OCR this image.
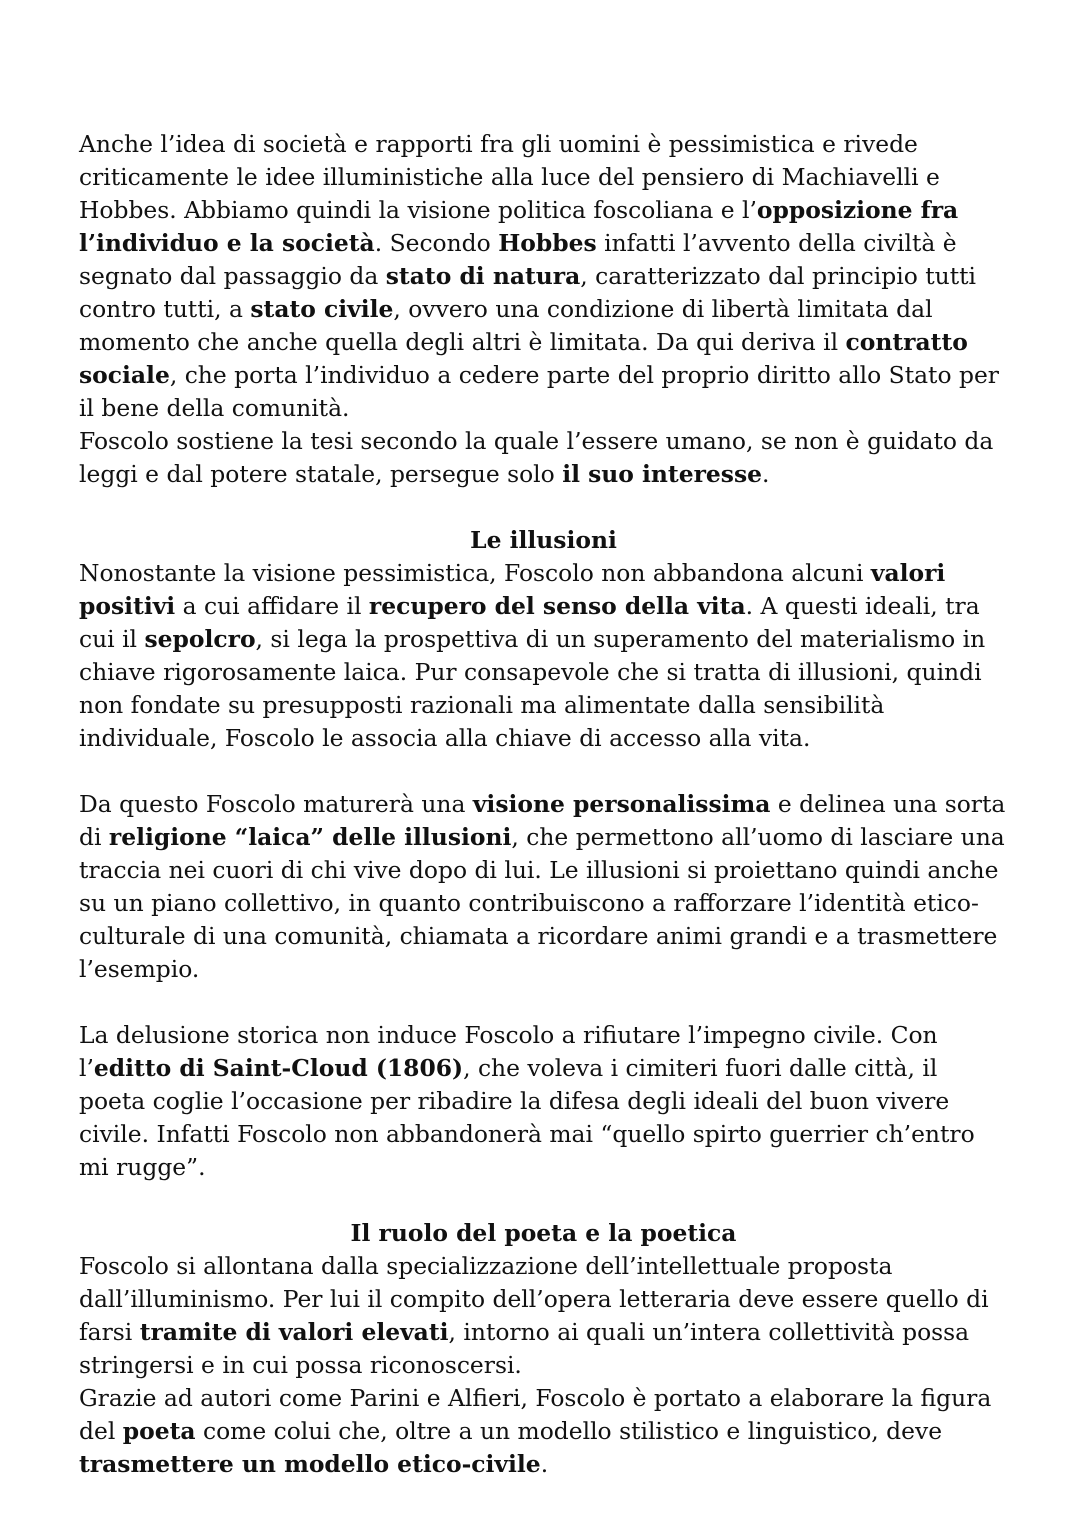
Anche l’idea di società e rapporti fra gli uomini è pessimistica e rivede criticamente le idee illuministiche alla luce del pensiero di Machiavelli e Hobbes. Abbiamo quindi la visione politica foscoliana e l’opposizione fra l’individuo e la società. Secondo Hobbes infatti l’avvento della civiltà è segnato dal passaggio da stato di natura, caratterizzato dal principio tutti contro tutti, a stato civile, ovvero una condizione di libertà limitata dal momento che anche quella degli altri è limitata. Da qui deriva il contratto sociale, che porta l’individuo a cedere parte del proprio diritto allo Stato per il bene della comunità.

Foscolo sostiene la tesi secondo la quale l’essere umano, se non è guidato da leggi e dal potere statale, persegue solo il suo interesse.

Le illusioni

Nonostante la visione pessimistica, Foscolo non abbandona alcuni valori positivi a cui affidare il recupero del senso della vita. A questi ideali, tra cui il sepolcro, si lega la prospettiva di un superamento del materialismo in chiave rigorosamente laica. Pur consapevole che si tratta di illusioni, quindi non fondate su presupposti razionali ma alimentate dalla sensibilità individuale, Foscolo le associa alla chiave di accesso alla vita.

Da questo Foscolo maturerà una visione personalissima e delinea una sorta di religione “laica” delle illusioni, che permettono all’uomo di lasciare una traccia nei cuori di chi vive dopo di lui. Le illusioni si proiettano quindi anche su un piano collettivo, in quanto contribuiscono a rafforzare l’identità etico-culturale di una comunità, chiamata a ricordare animi grandi e a trasmettere l’esempio.

La delusione storica non induce Foscolo a rifiutare l’impegno civile. Con l’editto di Saint-Cloud (1806), che voleva i cimiteri fuori dalle città, il poeta coglie l’occasione per ribadire la difesa degli ideali del buon vivere civile. Infatti Foscolo non abbandonerà mai “quello spirto guerrier ch’entro mi rugge”.

Il ruolo del poeta e la poetica

Foscolo si allontana dalla specializzazione dell’intellettuale proposta dall’illuminismo. Per lui il compito dell’opera letteraria deve essere quello di farsi tramite di valori elevati, intorno ai quali un’intera collettività possa stringersi e in cui possa riconoscersi.

Grazie ad autori come Parini e Alfieri, Foscolo è portato a elaborare la figura del poeta come colui che, oltre a un modello stilistico e linguistico, deve trasmettere un modello etico-civile.
